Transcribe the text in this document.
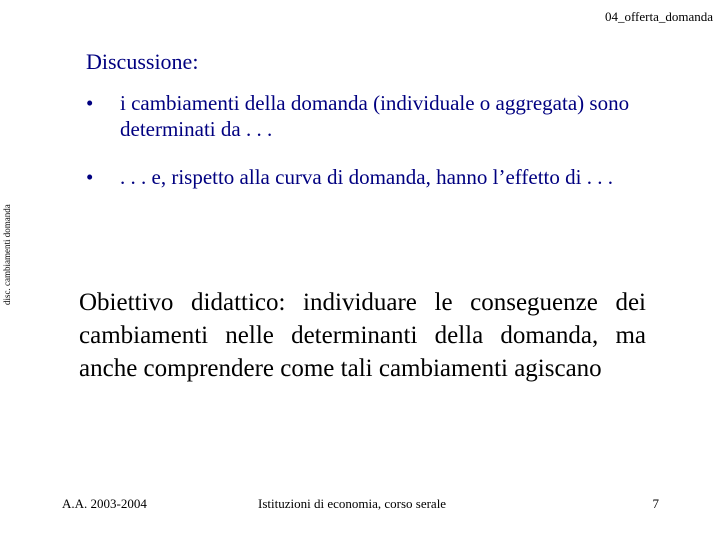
04_offerta_domanda
disc. cambiamenti domanda
Discussione:
• i cambiamenti della domanda (individuale o aggregata) sono determinati da . . .
• . . . e, rispetto alla curva di domanda, hanno l’effetto di . . .
Obiettivo didattico: individuare le conseguenze dei cambiamenti nelle determinanti della domanda, ma anche comprendere come tali cambiamenti agiscano
A.A. 2003-2004	Istituzioni di economia, corso serale	7
